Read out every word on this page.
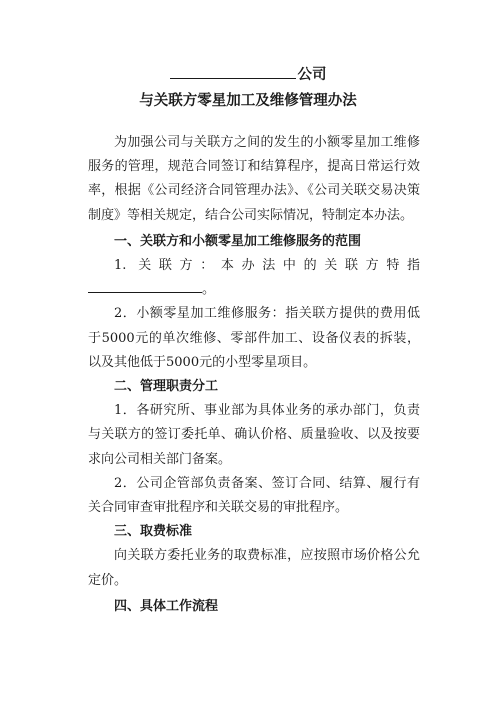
公司
与关联方零星加工及维修管理办法

为加强公司与关联方之间的发生的小额零星加工维修服务的管理，规范合同签订和结算程序，提高日常运行效率，根据《公司经济合同管理办法》、《公司关联交易决策制度》等相关规定，结合公司实际情况，特制定本办法。

一、关联方和小额零星加工维修服务的范围

1. 关联方：本办法中的关联方特指。

2．小额零星加工维修服务：指关联方提供的费用低于5000元的单次维修、零部件加工、设备仪表的拆装，以及其他低于5000元的小型零星项目。

二、管理职责分工

1．各研究所、事业部为具体业务的承办部门，负责与关联方的签订委托单、确认价格、质量验收、以及按要求向公司相关部门备案。

2．公司企管部负责备案、签订合同、结算、履行有关合同审查审批程序和关联交易的审批程序。

三、取费标准

向关联方委托业务的取费标准，应按照市场价格公允定价。

四、具体工作流程
